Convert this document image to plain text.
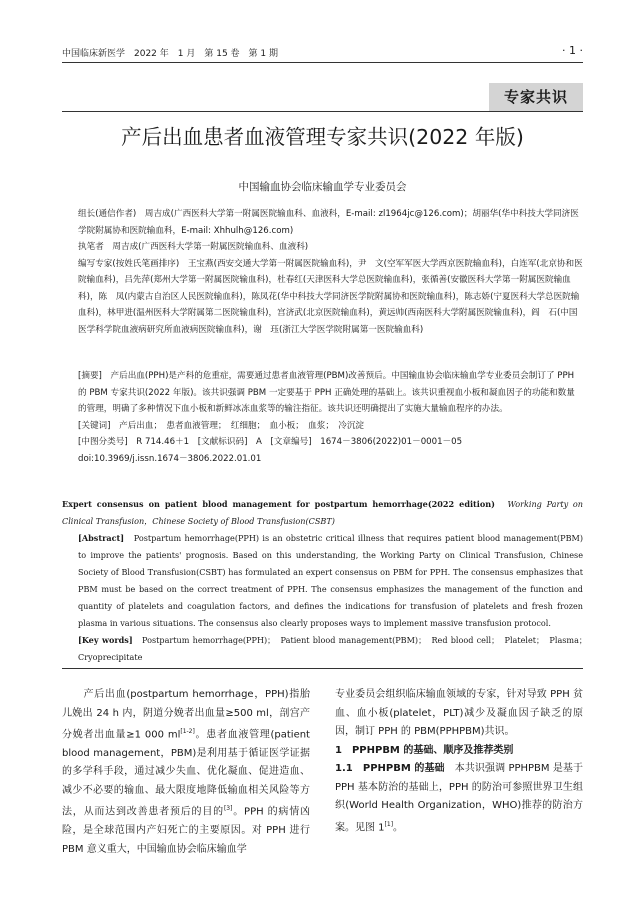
中国临床新医学　2022 年　1 月　第 15 卷　第 1 期	· 1 ·
专家共识
产后出血患者血液管理专家共识(2022 年版)
中国输血协会临床输血学专业委员会

组长(通信作者)　周吉成(广西医科大学第一附属医院输血科、血液科，E-mail: zl1964jc@126.com)；胡丽华(华中科技大学同济医学院附属协和医院输血科，E-mail: Xhhulh@126.com)

执笔者　周吉成(广西医科大学第一附属医院输血科、血液科)

编写专家(按姓氏笔画排序)　王宝燕(西安交通大学第一附属医院输血科)，尹　文(空军军医大学西京医院输血科)，白连军(北京协和医院输血科)，吕先萍(郑州大学第一附属医院输血科)，杜春红(天津医科大学总医院输血科)，张循善(安徽医科大学第一附属医院输血科)，陈　凤(内蒙古自治区人民医院输血科)，陈凤花(华中科技大学同济医学院附属协和医院输血科)，陈志娇(宁夏医科大学总医院输血科)，林甲进(温州医科大学附属第二医院输血科)，宫济武(北京医院输血科)，黄远帅(西南医科大学附属医院输血科)，阎　石(中国医学科学院血液病研究所血液病医院输血科)，谢　珏(浙江大学医学院附属第一医院输血科)

[摘要]　 产后出血(PPH)是产科的危重症，需要通过患者血液管理(PBM)改善预后。中国输血协会临床输血学专业委员会制订了 PPH 的 PBM 专家共识(2022 年版)。该共识强调 PBM 一定要基于 PPH 正确处理的基础上。该共识重视血小板和凝血因子的功能和数量的管理，明确了多种情况下血小板和新鲜冰冻血浆等的输注指征。该共识还明确提出了实施大量输血程序的办法。

[关键词]　 产后出血；　患者血液管理；　红细胞；　血小板；　血浆；　冷沉淀

[中图分类号]　 R 714.46＋1　 [文献标识码]　 A　 [文章编号]　 1674－3806(2022)01－0001－05

doi:10.3969/j.issn.1674－3806.2022.01.01

Expert consensus on patient blood management for postpartum hemorrhage(2022 edition)　 Working Party on Clinical Transfusion，Chinese Society of Blood Transfusion(CSBT)

[Abstract]　 Postpartum hemorrhage(PPH) is an obstetric critical illness that requires patient blood management(PBM) to improve the patients' prognosis. Based on this understanding, the Working Party on Clinical Transfusion, Chinese Society of Blood Transfusion(CSBT) has formulated an expert consensus on PBM for PPH. The consensus emphasizes that PBM must be based on the correct treatment of PPH. The consensus emphasizes the management of the function and quantity of platelets and coagulation factors, and defines the indications for transfusion of platelets and fresh frozen plasma in various situations. The consensus also clearly proposes ways to implement massive transfusion protocol.

[Key words]　 Postpartum hemorrhage(PPH)；　Patient blood management(PBM)；　Red blood cell；　Platelet；　Plasma；　Cryoprecipitate

　　产后出血(postpartum hemorrhage，PPH)指胎儿娩出 24 h 内，阴道分娩者出血量≥500 ml，剖宫产分娩者出血量≥1 000 ml[1-2]。患者血液管理(patient blood management，PBM)是利用基于循证医学证据的多学科手段，通过减少失血、优化凝血、促进造血、减少不必要的输血、最大限度地降低输血相关风险等方法，从而达到改善患者预后的目的[3]。PPH 的病情凶险，是全球范围内产妇死亡的主要原因。对 PPH 进行 PBM 意义重大，中国输血协会临床输血学

专业委员会组织临床输血领域的专家，针对导致 PPH 贫血、血小板(platelet，PLT)减少及凝血因子缺乏的原因，制订 PPH 的 PBM(PPHPBM)共识。

1　PPHPBM 的基础、顺序及推荐类别

1.1　PPHPBM 的基础　 本共识强调 PPHPBM 是基于 PPH 基本防治的基础上，PPH 的防治可参照世界卫生组织(World Health Organization，WHO)推荐的防治方案。见图 1[1]。
